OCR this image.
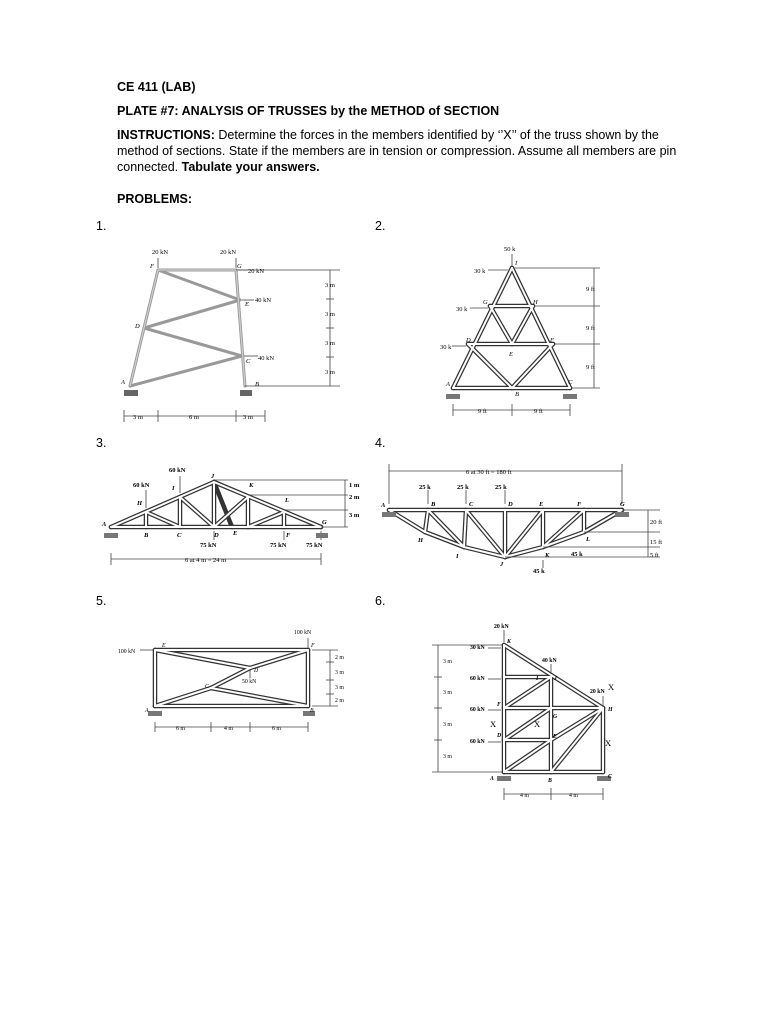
CE 411 (LAB)
PLATE #7: ANALYSIS OF TRUSSES by the METHOD of SECTION
INSTRUCTIONS: Determine the forces in the members identified by ‘’X’’ of the truss shown by the
method of sections. State if the members are in tension or compression. Assume all members are pin
connected. Tabulate your answers.
PROBLEMS:
1.	2.
3.	4.
5.	6.
20 kN	20 kN
20 kN
40 kN
40 kN
F	G
E
D
C
A	B
3 m
3 m
3 m
3 m
3 m	6 m	3 m
50 k
30 k
30 k
30 k
I
G	H
D
E
F
A
B
C
9 ft
9 ft
9 ft
9 ft	9 ft
60 kN
60 kN
75 kN	75 kN	75 kN
A
B	C	D E	F
G
H
I
J
K
L
1 m
2 m
3 m
6 at 4 m = 24 m
6 at 30 ft = 180 ft
25 k	25 k	25 k
45 k
45 k
A	B	C	D	E	F	G
H
I
J
K
L
20 ft
15 ft
5 ft
100 kN
100 kN
50 kN
E	F
D
C
A	B
2 m
3 m
3 m
2 m
6 m	4 m	6 m
20 kN
30 kN
40 kN
60 kN
20 kN
60 kN
60 kN
K
J
I
H
G
F
E
D
A	B
C
3 m
3 m
3 m
3 m
4 m	4 m
X	X
X
X
